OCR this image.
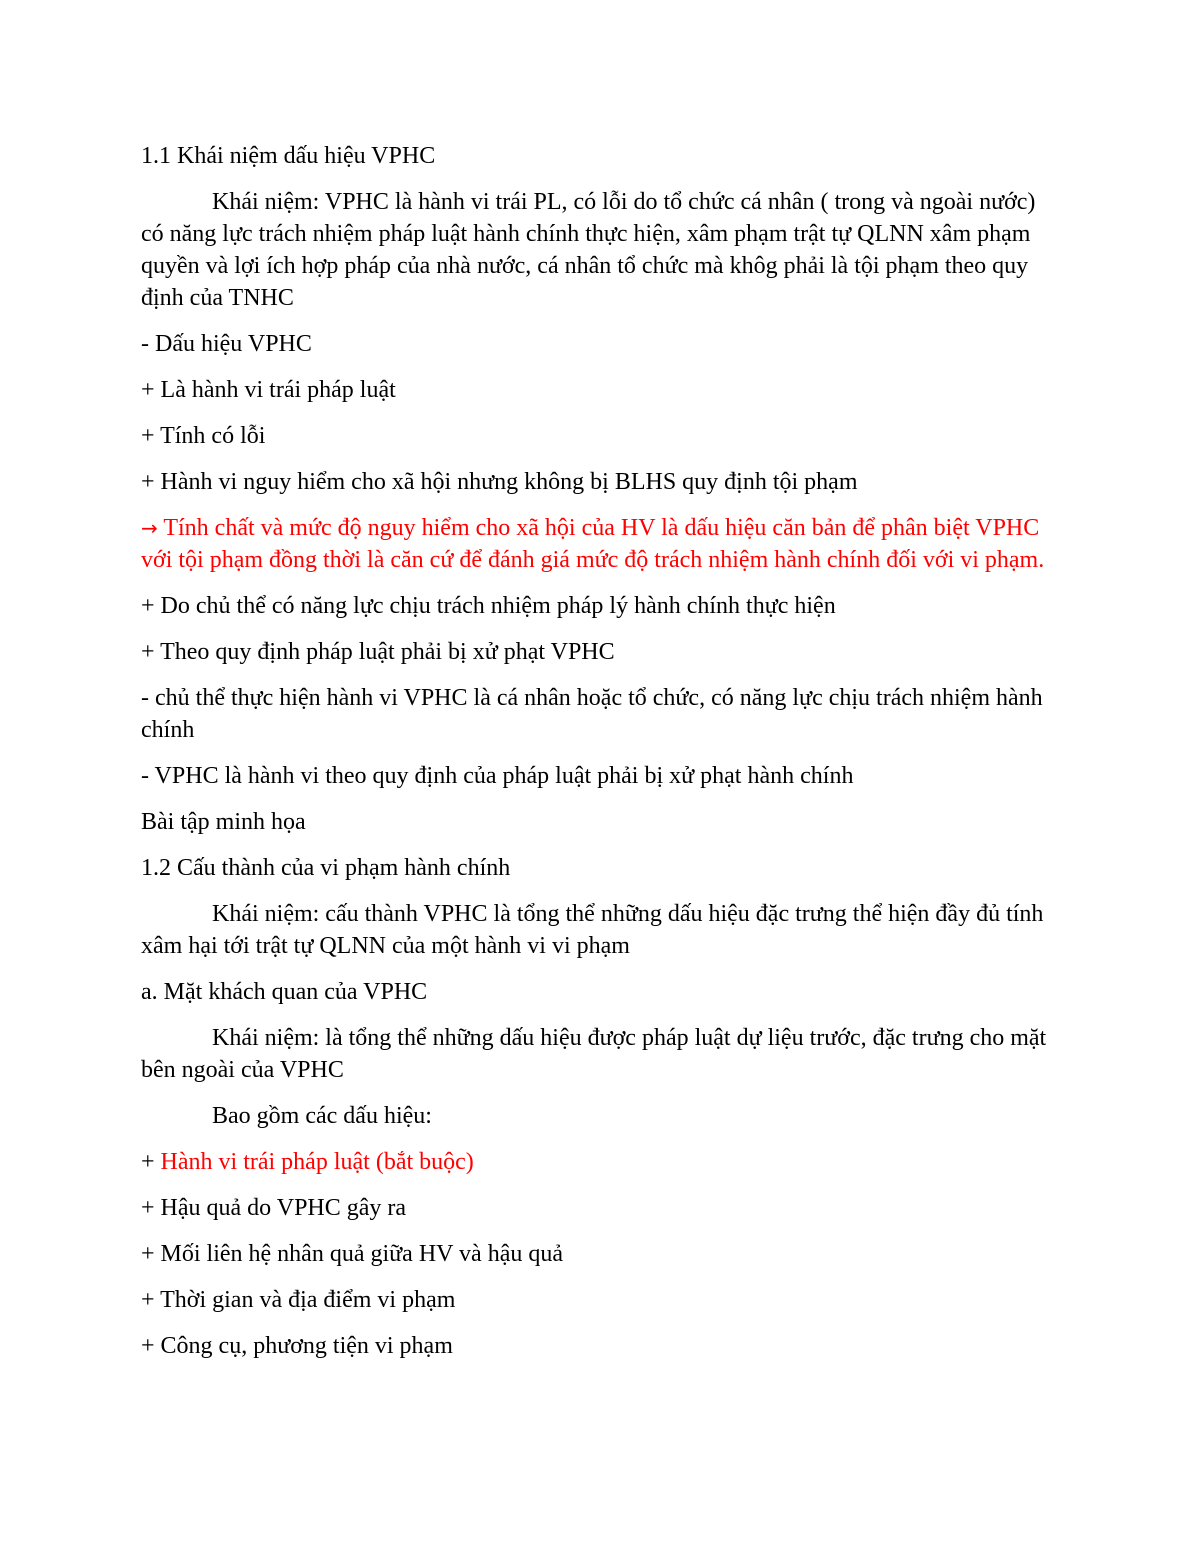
1.1 Khái niệm dấu hiệu VPHC

Khái niệm: VPHC là hành vi trái PL, có lỗi do tổ chức cá nhân ( trong và ngoài nước) có năng lực trách nhiệm pháp luật hành chính thực hiện, xâm phạm trật tự QLNN xâm phạm quyền và lợi ích hợp pháp của nhà nước, cá nhân tổ chức mà khôg phải là tội phạm theo quy định của TNHC

- Dấu hiệu VPHC

+ Là hành vi trái pháp luật

+ Tính có lỗi

+ Hành vi nguy hiểm cho xã hội nhưng không bị BLHS quy định tội phạm

→ Tính chất và mức độ nguy hiểm cho xã hội của HV là dấu hiệu căn bản để phân biệt VPHC với tội phạm đồng thời là căn cứ để đánh giá mức độ trách nhiệm hành chính đối với vi phạm.

+ Do chủ thể có năng lực chịu trách nhiệm pháp lý hành chính thực hiện

+ Theo quy định pháp luật phải bị xử phạt VPHC

- chủ thể thực hiện hành vi VPHC là cá nhân hoặc tổ chức, có năng lực chịu trách nhiệm hành chính

- VPHC là hành vi theo quy định của pháp luật phải bị xử phạt hành chính

Bài tập minh họa

1.2 Cấu thành của vi phạm hành chính

Khái niệm: cấu thành VPHC là tổng thể những dấu hiệu đặc trưng thể hiện đầy đủ tính xâm hại tới trật tự QLNN của một hành vi vi phạm

a. Mặt khách quan của VPHC

Khái niệm: là tổng thể những dấu hiệu được pháp luật dự liệu trước, đặc trưng cho mặt bên ngoài của VPHC

Bao gồm các dấu hiệu:

+ Hành vi trái pháp luật (bắt buộc)

+ Hậu quả do VPHC gây ra

+ Mối liên hệ nhân quả giữa HV và hậu quả

+ Thời gian và địa điểm vi phạm

+ Công cụ, phương tiện vi phạm
